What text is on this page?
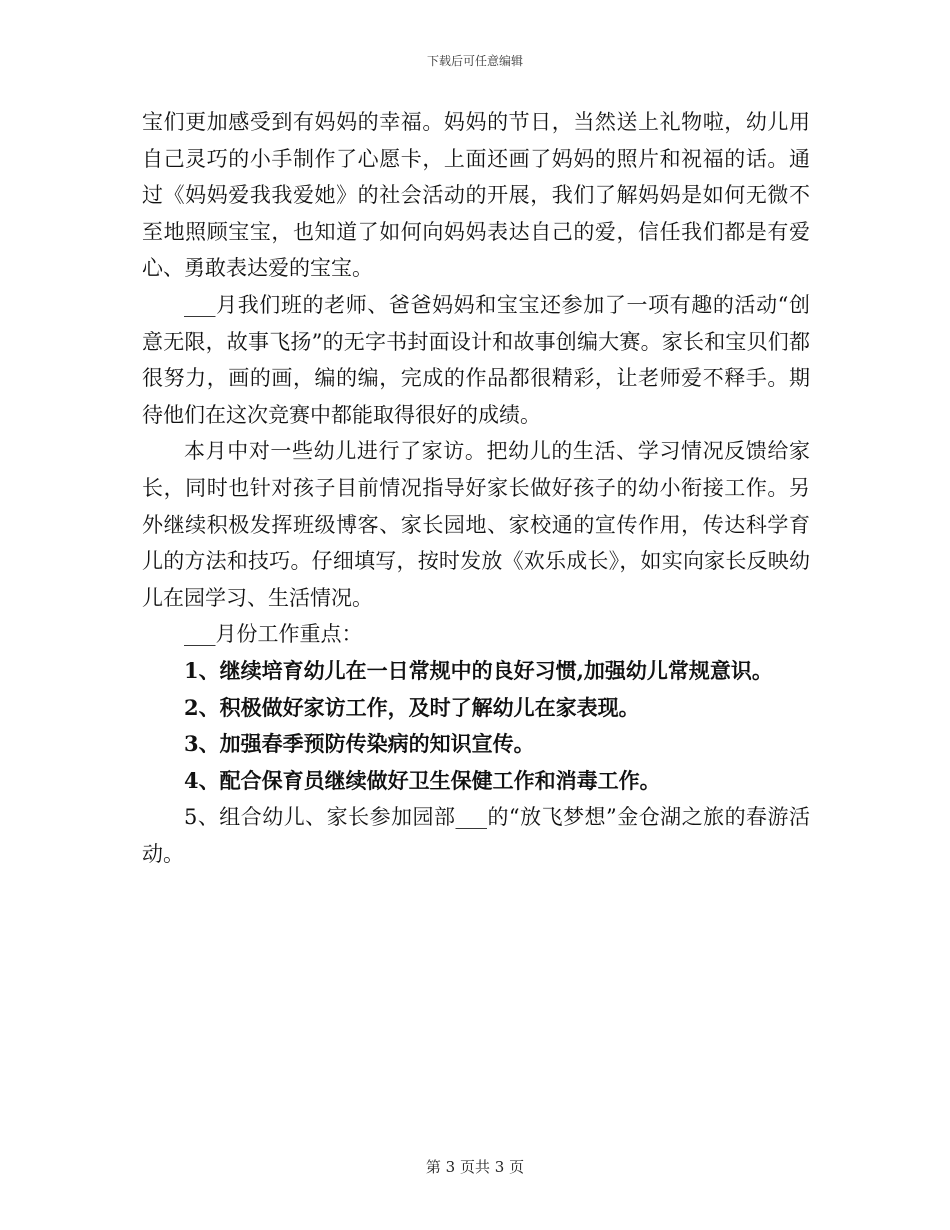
下载后可任意编辑

宝们更加感受到有妈妈的幸福。妈妈的节日，当然送上礼物啦，幼儿用自己灵巧的小手制作了心愿卡，上面还画了妈妈的照片和祝福的话。通过《妈妈爱我我爱她》的社会活动的开展，我们了解妈妈是如何无微不至地照顾宝宝，也知道了如何向妈妈表达自己的爱，信任我们都是有爱心、勇敢表达爱的宝宝。

___月我们班的老师、爸爸妈妈和宝宝还参加了一项有趣的活动“创意无限，故事飞扬”的无字书封面设计和故事创编大赛。家长和宝贝们都很努力，画的画，编的编，完成的作品都很精彩，让老师爱不释手。期待他们在这次竞赛中都能取得很好的成绩。

本月中对一些幼儿进行了家访。把幼儿的生活、学习情况反馈给家长，同时也针对孩子目前情况指导好家长做好孩子的幼小衔接工作。另外继续积极发挥班级博客、家长园地、家校通的宣传作用，传达科学育儿的方法和技巧。仔细填写，按时发放《欢乐成长》，如实向家长反映幼儿在园学习、生活情况。

___月份工作重点：

1、继续培育幼儿在一日常规中的良好习惯,加强幼儿常规意识。

2、积极做好家访工作，及时了解幼儿在家表现。

3、加强春季预防传染病的知识宣传。

4、配合保育员继续做好卫生保健工作和消毒工作。

5、组合幼儿、家长参加园部___的“放飞梦想”金仓湖之旅的春游活动。

第 3 页共 3 页
